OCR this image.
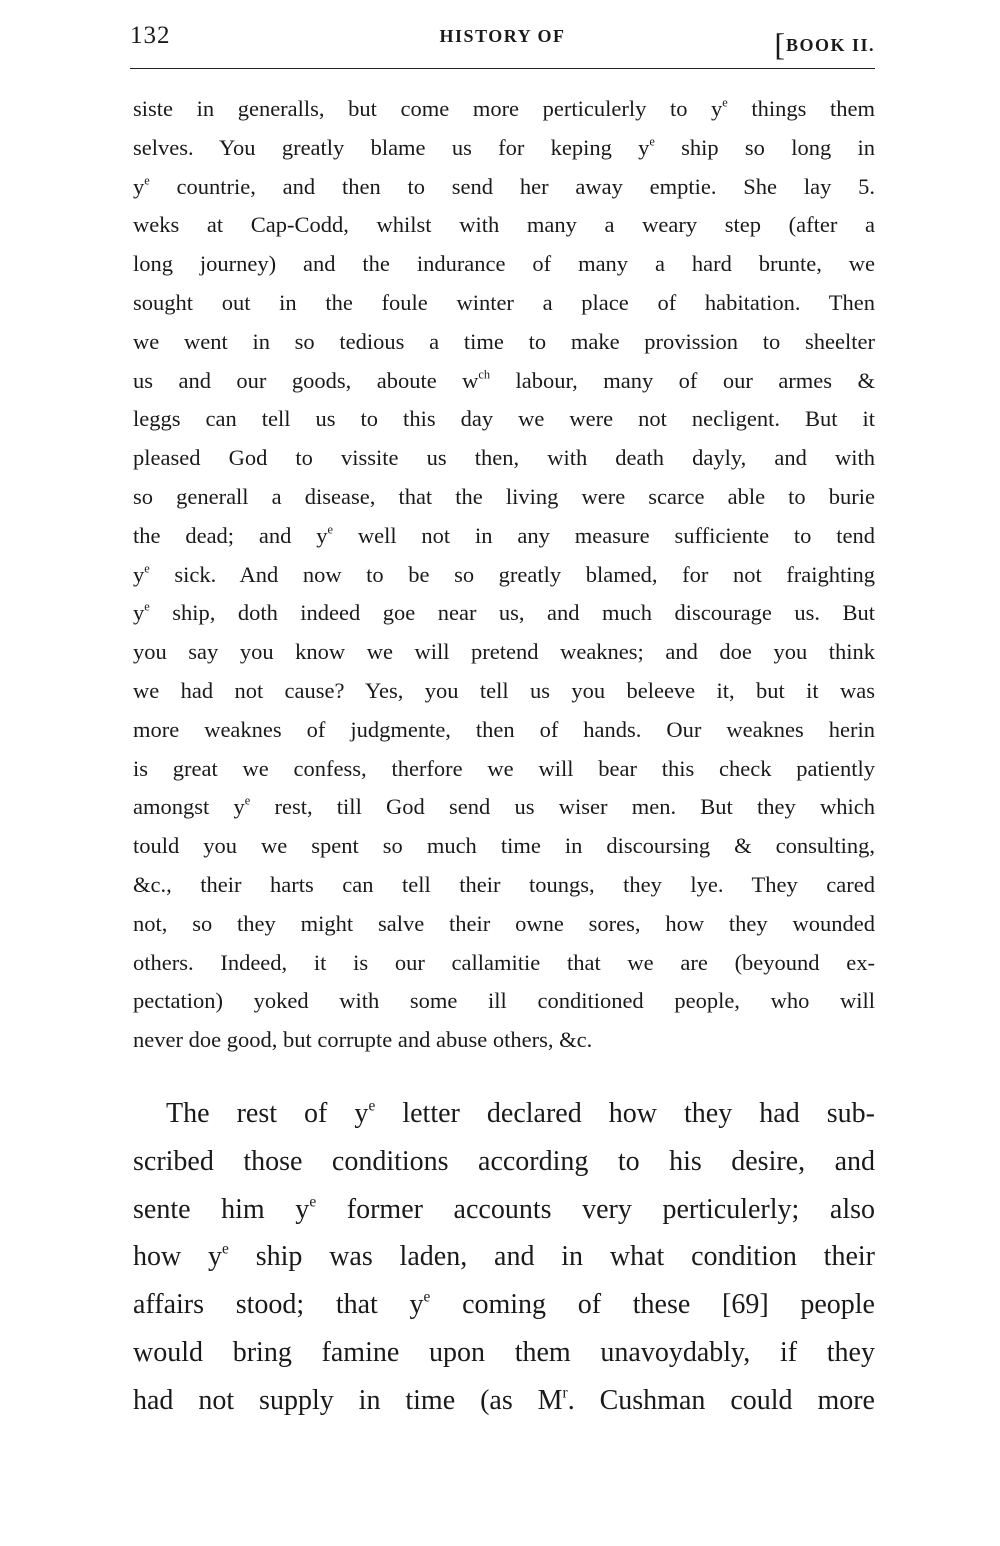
132	HISTORY OF	[BOOK II.
siste in generalls, but come more perticulerly to $y^e$ things them
selves. You greatly blame us for keping $y^e$ ship so long in
$y^e$ countrie, and then to send her away emptie. She lay 5.
weks at Cap-Codd, whilst with many a weary step (after a
long journey) and the indurance of many a hard brunte, we
sought out in the foule winter a place of habitation. Then
we went in so tedious a time to make provission to sheelter
us and our goods, aboute $w^{ch}$ labour, many of our armes &
leggs can tell us to this day we were not necligent. But it
pleased God to vissite us then, with death dayly, and with
so generall a disease, that the living were scarce able to burie
the dead; and $y^e$ well not in any measure sufficiente to tend
$y^e$ sick. And now to be so greatly blamed, for not fraighting
$y^e$ ship, doth indeed goe near us, and much discourage us. But
you say you know we will pretend weaknes; and doe you think
we had not cause? Yes, you tell us you beleeve it, but it was
more weaknes of judgmente, then of hands. Our weaknes herin
is great we confess, therfore we will bear this check patiently
amongst $y^e$ rest, till God send us wiser men. But they which
tould you we spent so much time in discoursing & consulting,
&c., their harts can tell their toungs, they lye. They cared
not, so they might salve their owne sores, how they wounded
others. Indeed, it is our callamitie that we are (beyound ex-
pectation) yoked with some ill conditioned people, who will
never doe good, but corrupte and abuse others, &c.
The rest of $y^e$ letter declared how they had sub-
scribed those conditions according to his desire, and
sente him $y^e$ former accounts very perticulerly; also
how $y^e$ ship was laden, and in what condition their
affairs stood; that $y^e$ coming of these [69] people
would bring famine upon them unavoydably, if they
had not supply in time (as $M^r$. Cushman could more
